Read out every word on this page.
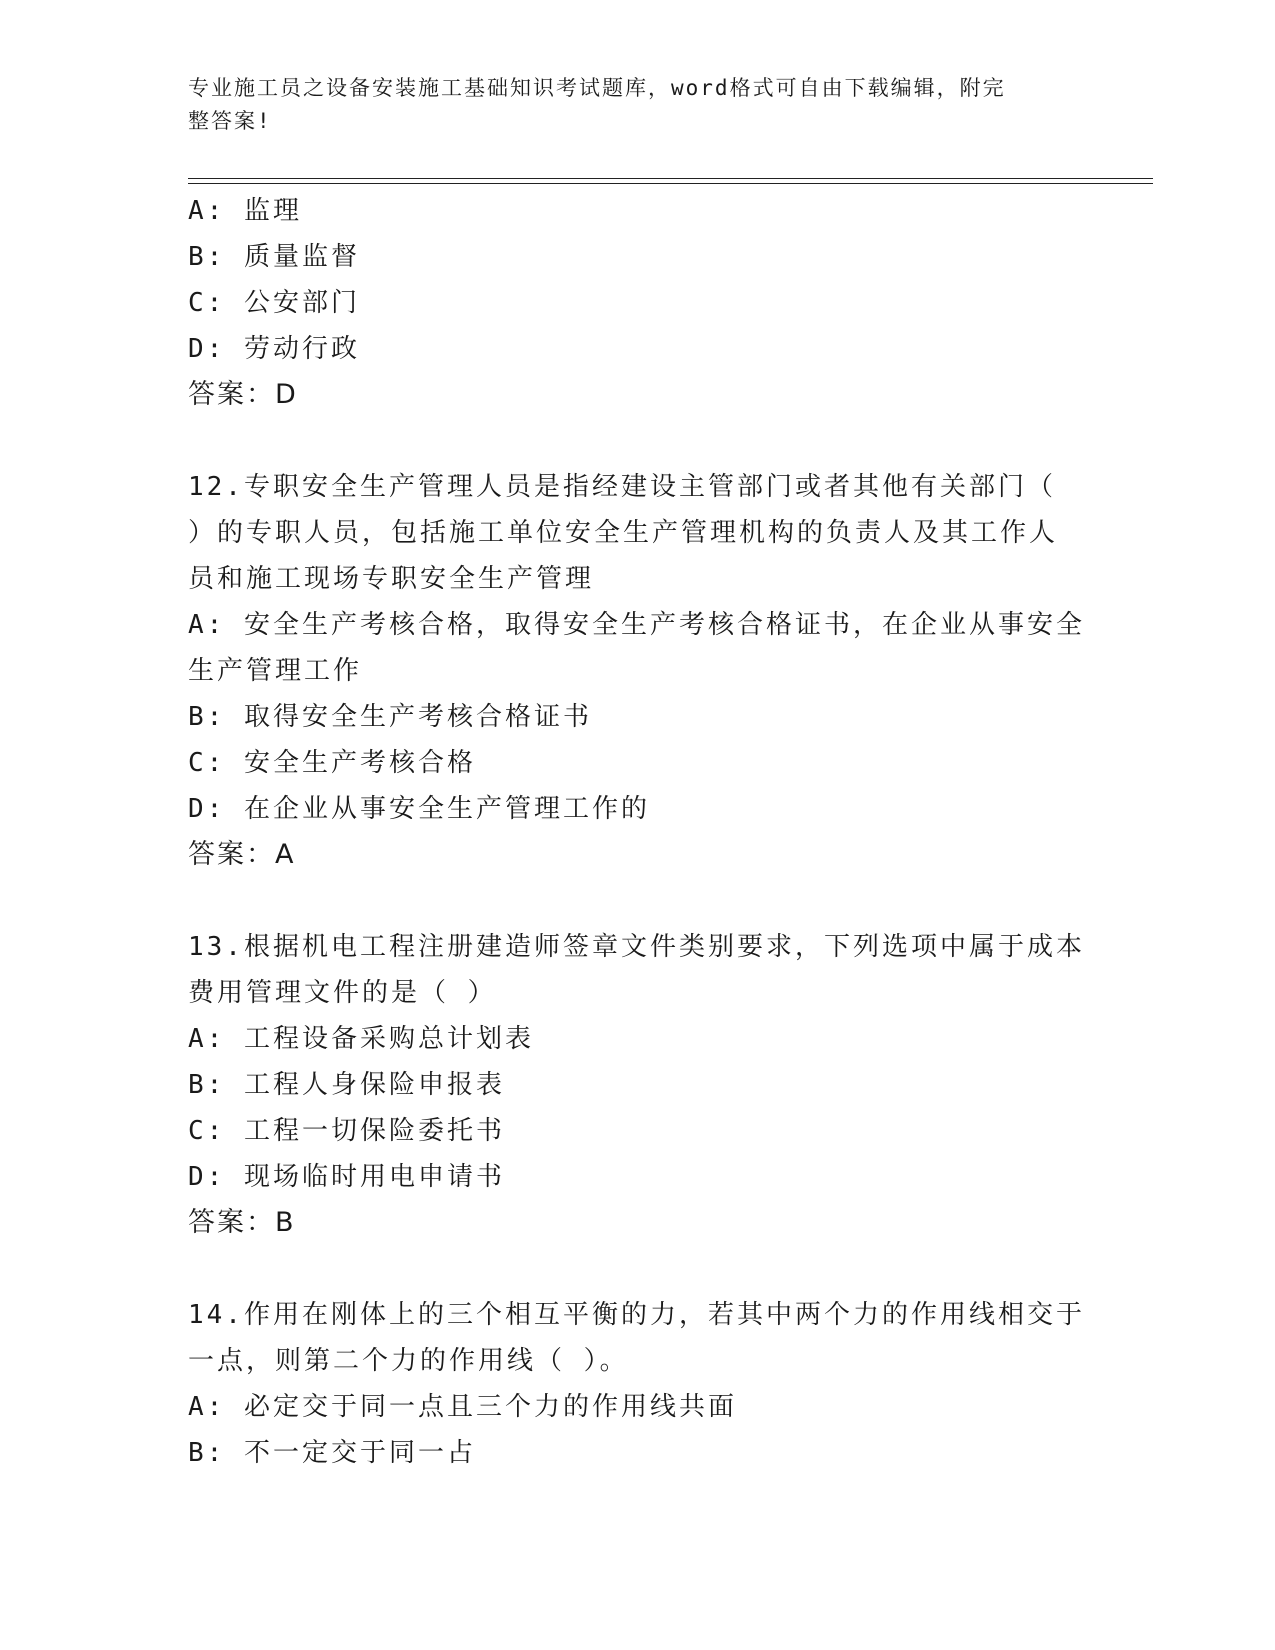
专业施工员之设备安装施工基础知识考试题库，word格式可自由下载编辑，附完
整答案!
A: 监理
B: 质量监督
C: 公安部门
D: 劳动行政
答案：D
12.专职安全生产管理人员是指经建设主管部门或者其他有关部门（
）的专职人员，包括施工单位安全生产管理机构的负责人及其工作人
员和施工现场专职安全生产管理
A: 安全生产考核合格，取得安全生产考核合格证书，在企业从事安全
生产管理工作
B: 取得安全生产考核合格证书
C: 安全生产考核合格
D: 在企业从事安全生产管理工作的
答案：A
13.根据机电工程注册建造师签章文件类别要求，下列选项中属于成本
费用管理文件的是（ ）
A: 工程设备采购总计划表
B: 工程人身保险申报表
C: 工程一切保险委托书
D: 现场临时用电申请书
答案：B
14.作用在刚体上的三个相互平衡的力，若其中两个力的作用线相交于
一点，则第二个力的作用线（ ）。
A: 必定交于同一点且三个力的作用线共面
B: 不一定交于同一占
